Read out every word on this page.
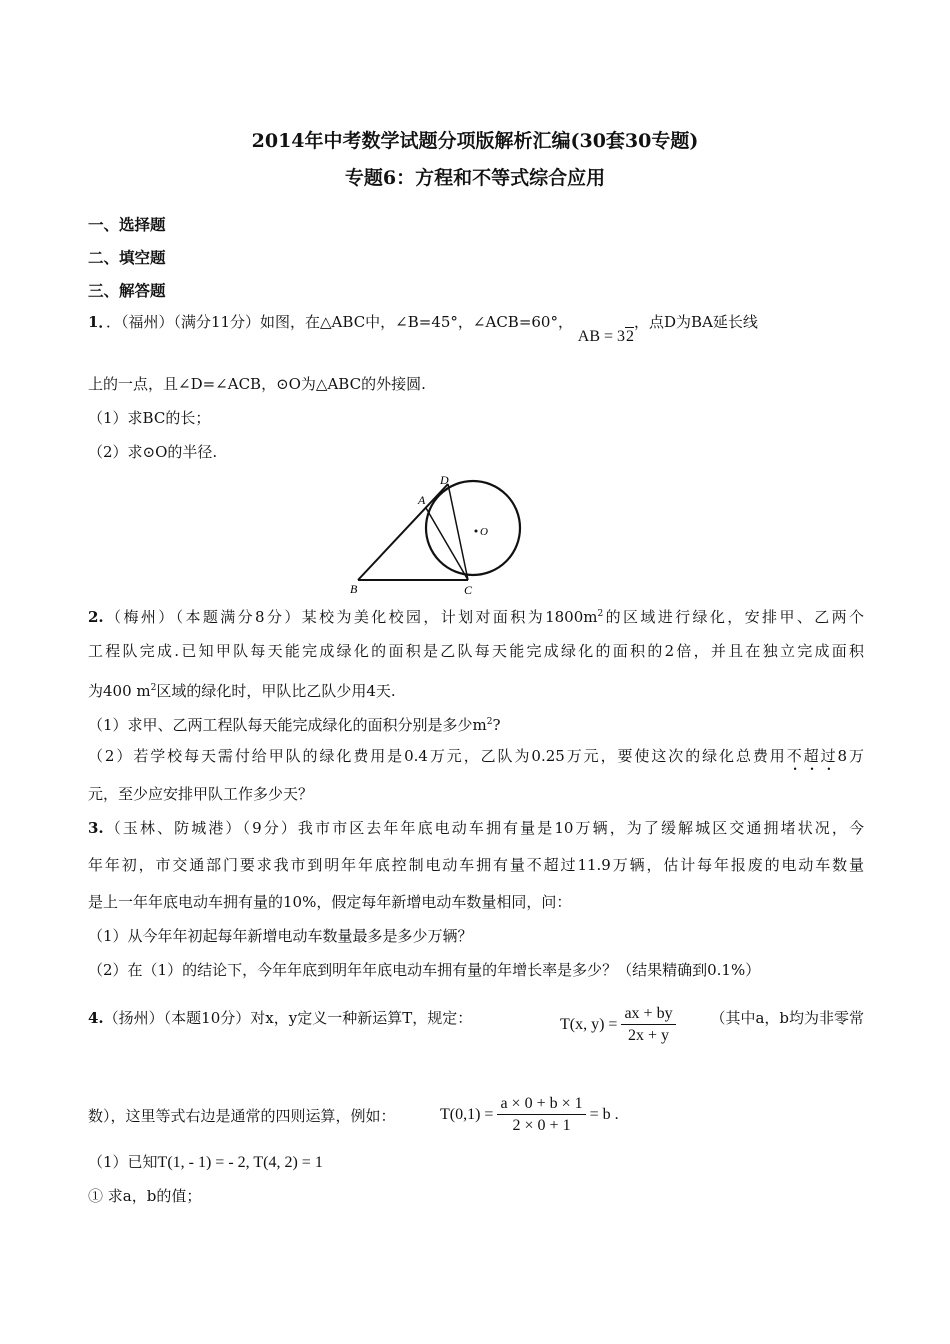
2014年中考数学试题分项版解析汇编(30套30专题)
专题6：方程和不等式综合应用
一、选择题
二、填空题
三、解答题
1．．（福州）（满分11分）如图，在△ABC中，∠B=45°，∠ACB=60°， AB = 32，点D为BA延长线
上的一点，且∠D=∠ACB，⊙O为△ABC的外接圆.
（1）求BC的长；
（2）求⊙O的半径.
D
A
O
B	C
2.（梅州）（本题满分8分）某校为美化校园，计划对面积为$1800m^2$的区域进行绿化，安排甲、乙两个
工程队完成.已知甲队每天能完成绿化的面积是乙队每天能完成绿化的面积的2倍，并且在独立完成面积
为400 $m^2$区域的绿化时，甲队比乙队少用4天.
（1）求甲、乙两工程队每天能完成绿化的面积分别是多少$m^2$?
（2）若学校每天需付给甲队的绿化费用是0.4万元，乙队为0.25万元，要使这次的绿化总费用不超过8万
元，至少应安排甲队工作多少天？
3.（玉林、防城港）（9分）我市市区去年年底电动车拥有量是10万辆，为了缓解城区交通拥堵状况，今
年年初，市交通部门要求我市到明年年底控制电动车拥有量不超过11.9万辆，估计每年报废的电动车数量
是上一年年底电动车拥有量的10%，假定每年新增电动车数量相同，问：
（1）从今年年初起每年新增电动车数量最多是多少万辆？
（2）在（1）的结论下，今年年底到明年年底电动车拥有量的年增长率是多少？（结果精确到0.1%）
4.（扬州）（本题10分）对x，y定义一种新运算T，规定：	T(x, $y) = \frac{ax + by}{2x + y}$	（其中a，b均为非零常
数），这里等式右边是通常的四则运算，例如：	$T(0,1) = \frac{a \times 0 + b \times 1}{2 \times 0 + 1} = b$ .
（1）已知T(1, - 1) = - 2, T(4, 2) = 1
① 求a，b的值；
